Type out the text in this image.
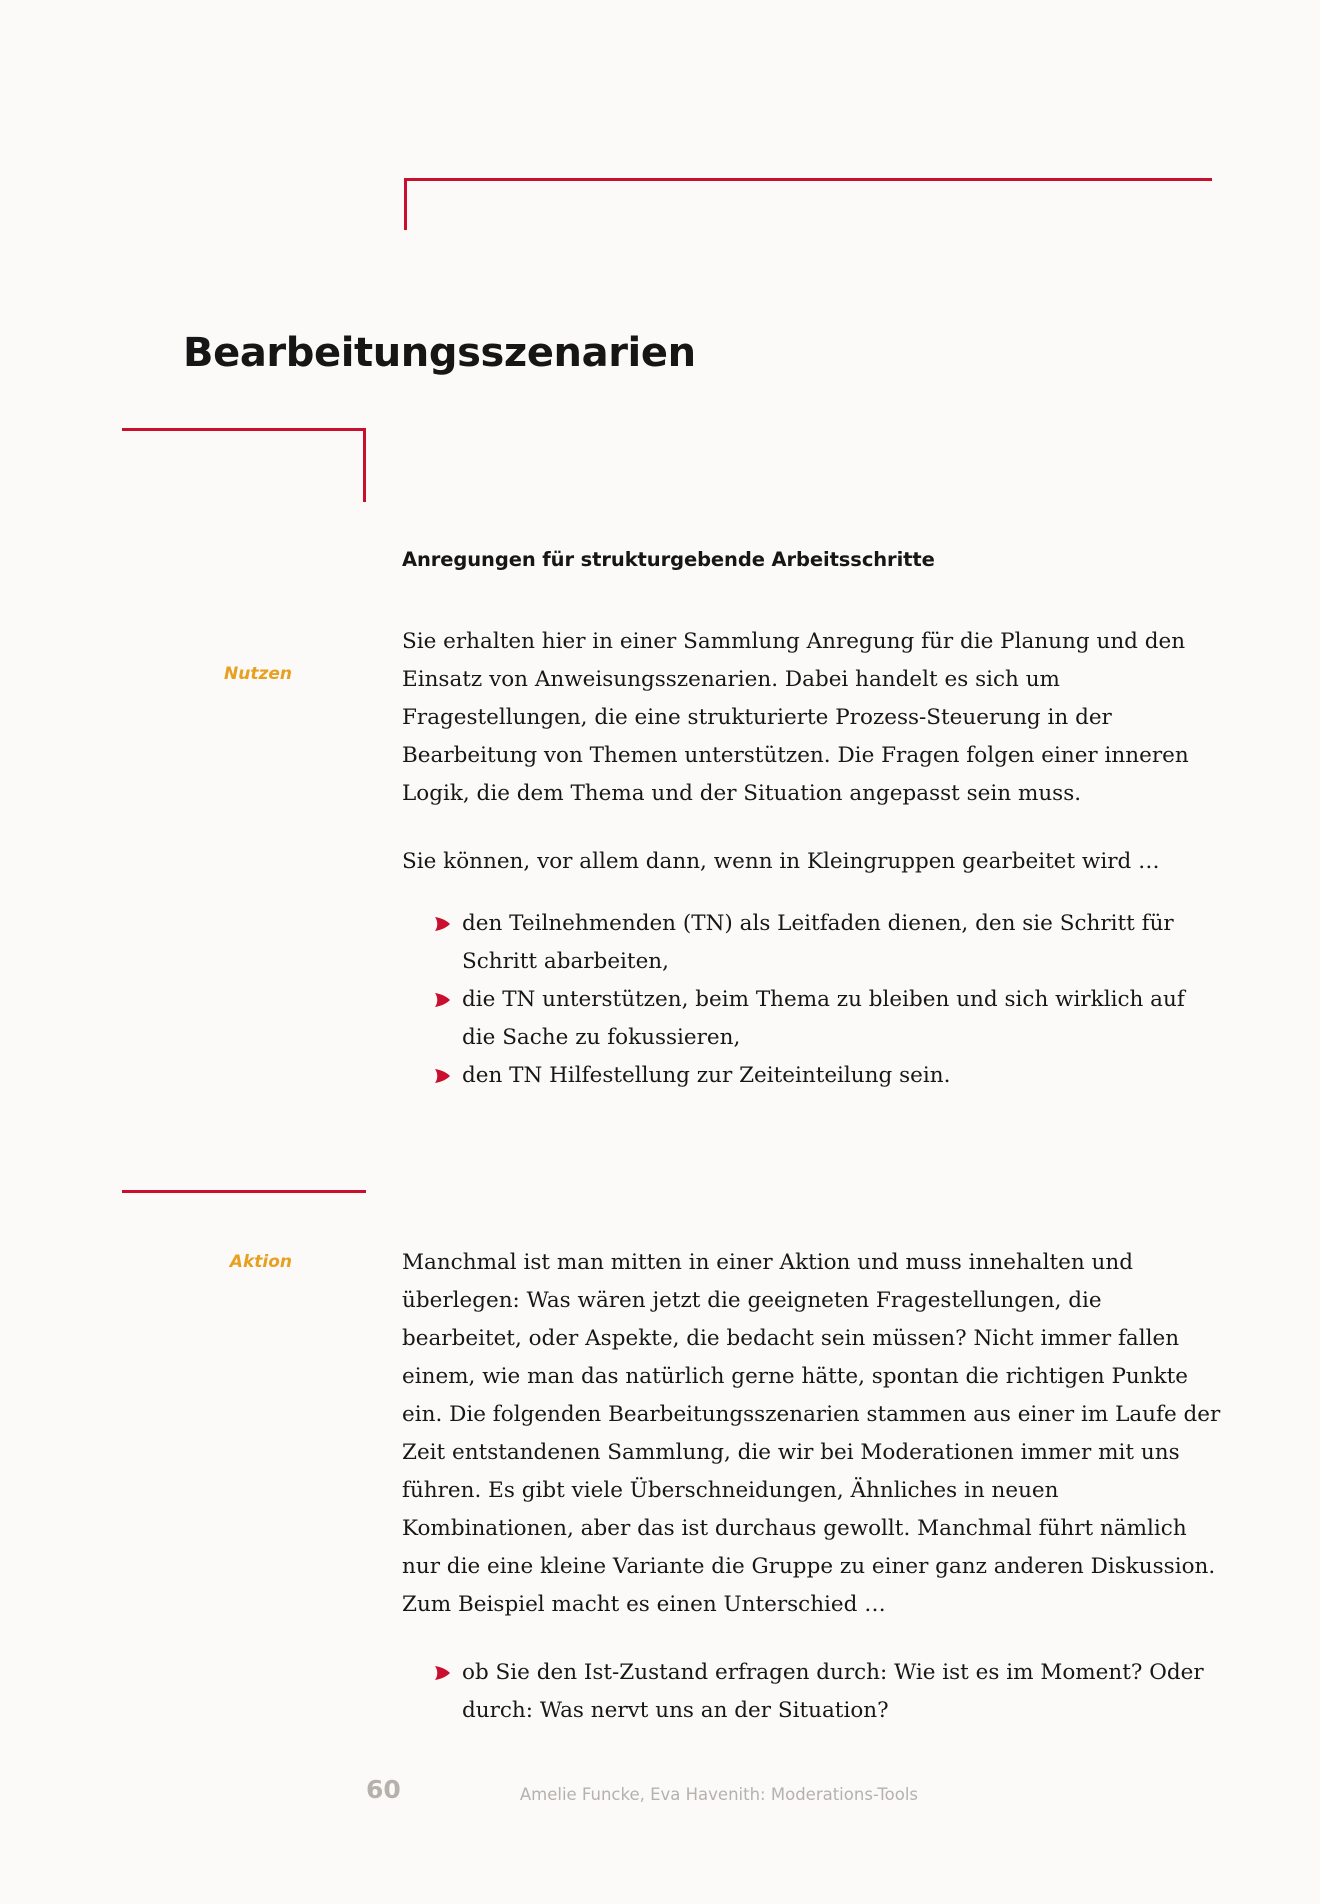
Bearbeitungsszenarien
Nutzen
Aktion

Anregungen für strukturgebende Arbeitsschritte

Sie erhalten hier in einer Sammlung Anregung für die Planung und den Einsatz von Anweisungsszenarien. Dabei handelt es sich um Fragestellungen, die eine strukturierte Prozess-Steuerung in der Bearbeitung von Themen unterstützen. Die Fragen folgen einer inneren Logik, die dem Thema und der Situation angepasst sein muss.

Sie können, vor allem dann, wenn in Kleingruppen gearbeitet wird …

den Teilnehmenden (TN) als Leitfaden dienen, den sie Schritt für Schritt abarbeiten,
die TN unterstützen, beim Thema zu bleiben und sich wirklich auf die Sache zu fokussieren,
den TN Hilfestellung zur Zeiteinteilung sein.

Manchmal ist man mitten in einer Aktion und muss innehalten und überlegen: Was wären jetzt die geeigneten Fragestellungen, die bearbeitet, oder Aspekte, die bedacht sein müssen? Nicht immer fallen einem, wie man das natürlich gerne hätte, spontan die richtigen Punkte ein. Die folgenden Bearbeitungsszenarien stammen aus einer im Laufe der Zeit entstandenen Sammlung, die wir bei Moderationen immer mit uns führen. Es gibt viele Überschneidungen, Ähnliches in neuen Kombinationen, aber das ist durchaus gewollt. Manchmal führt nämlich nur die eine kleine Variante die Gruppe zu einer ganz anderen Diskussion. Zum Beispiel macht es einen Unterschied …

ob Sie den Ist-Zustand erfragen durch: Wie ist es im Moment? Oder durch: Was nervt uns an der Situation?
60	Amelie Funcke, Eva Havenith: Moderations-Tools
